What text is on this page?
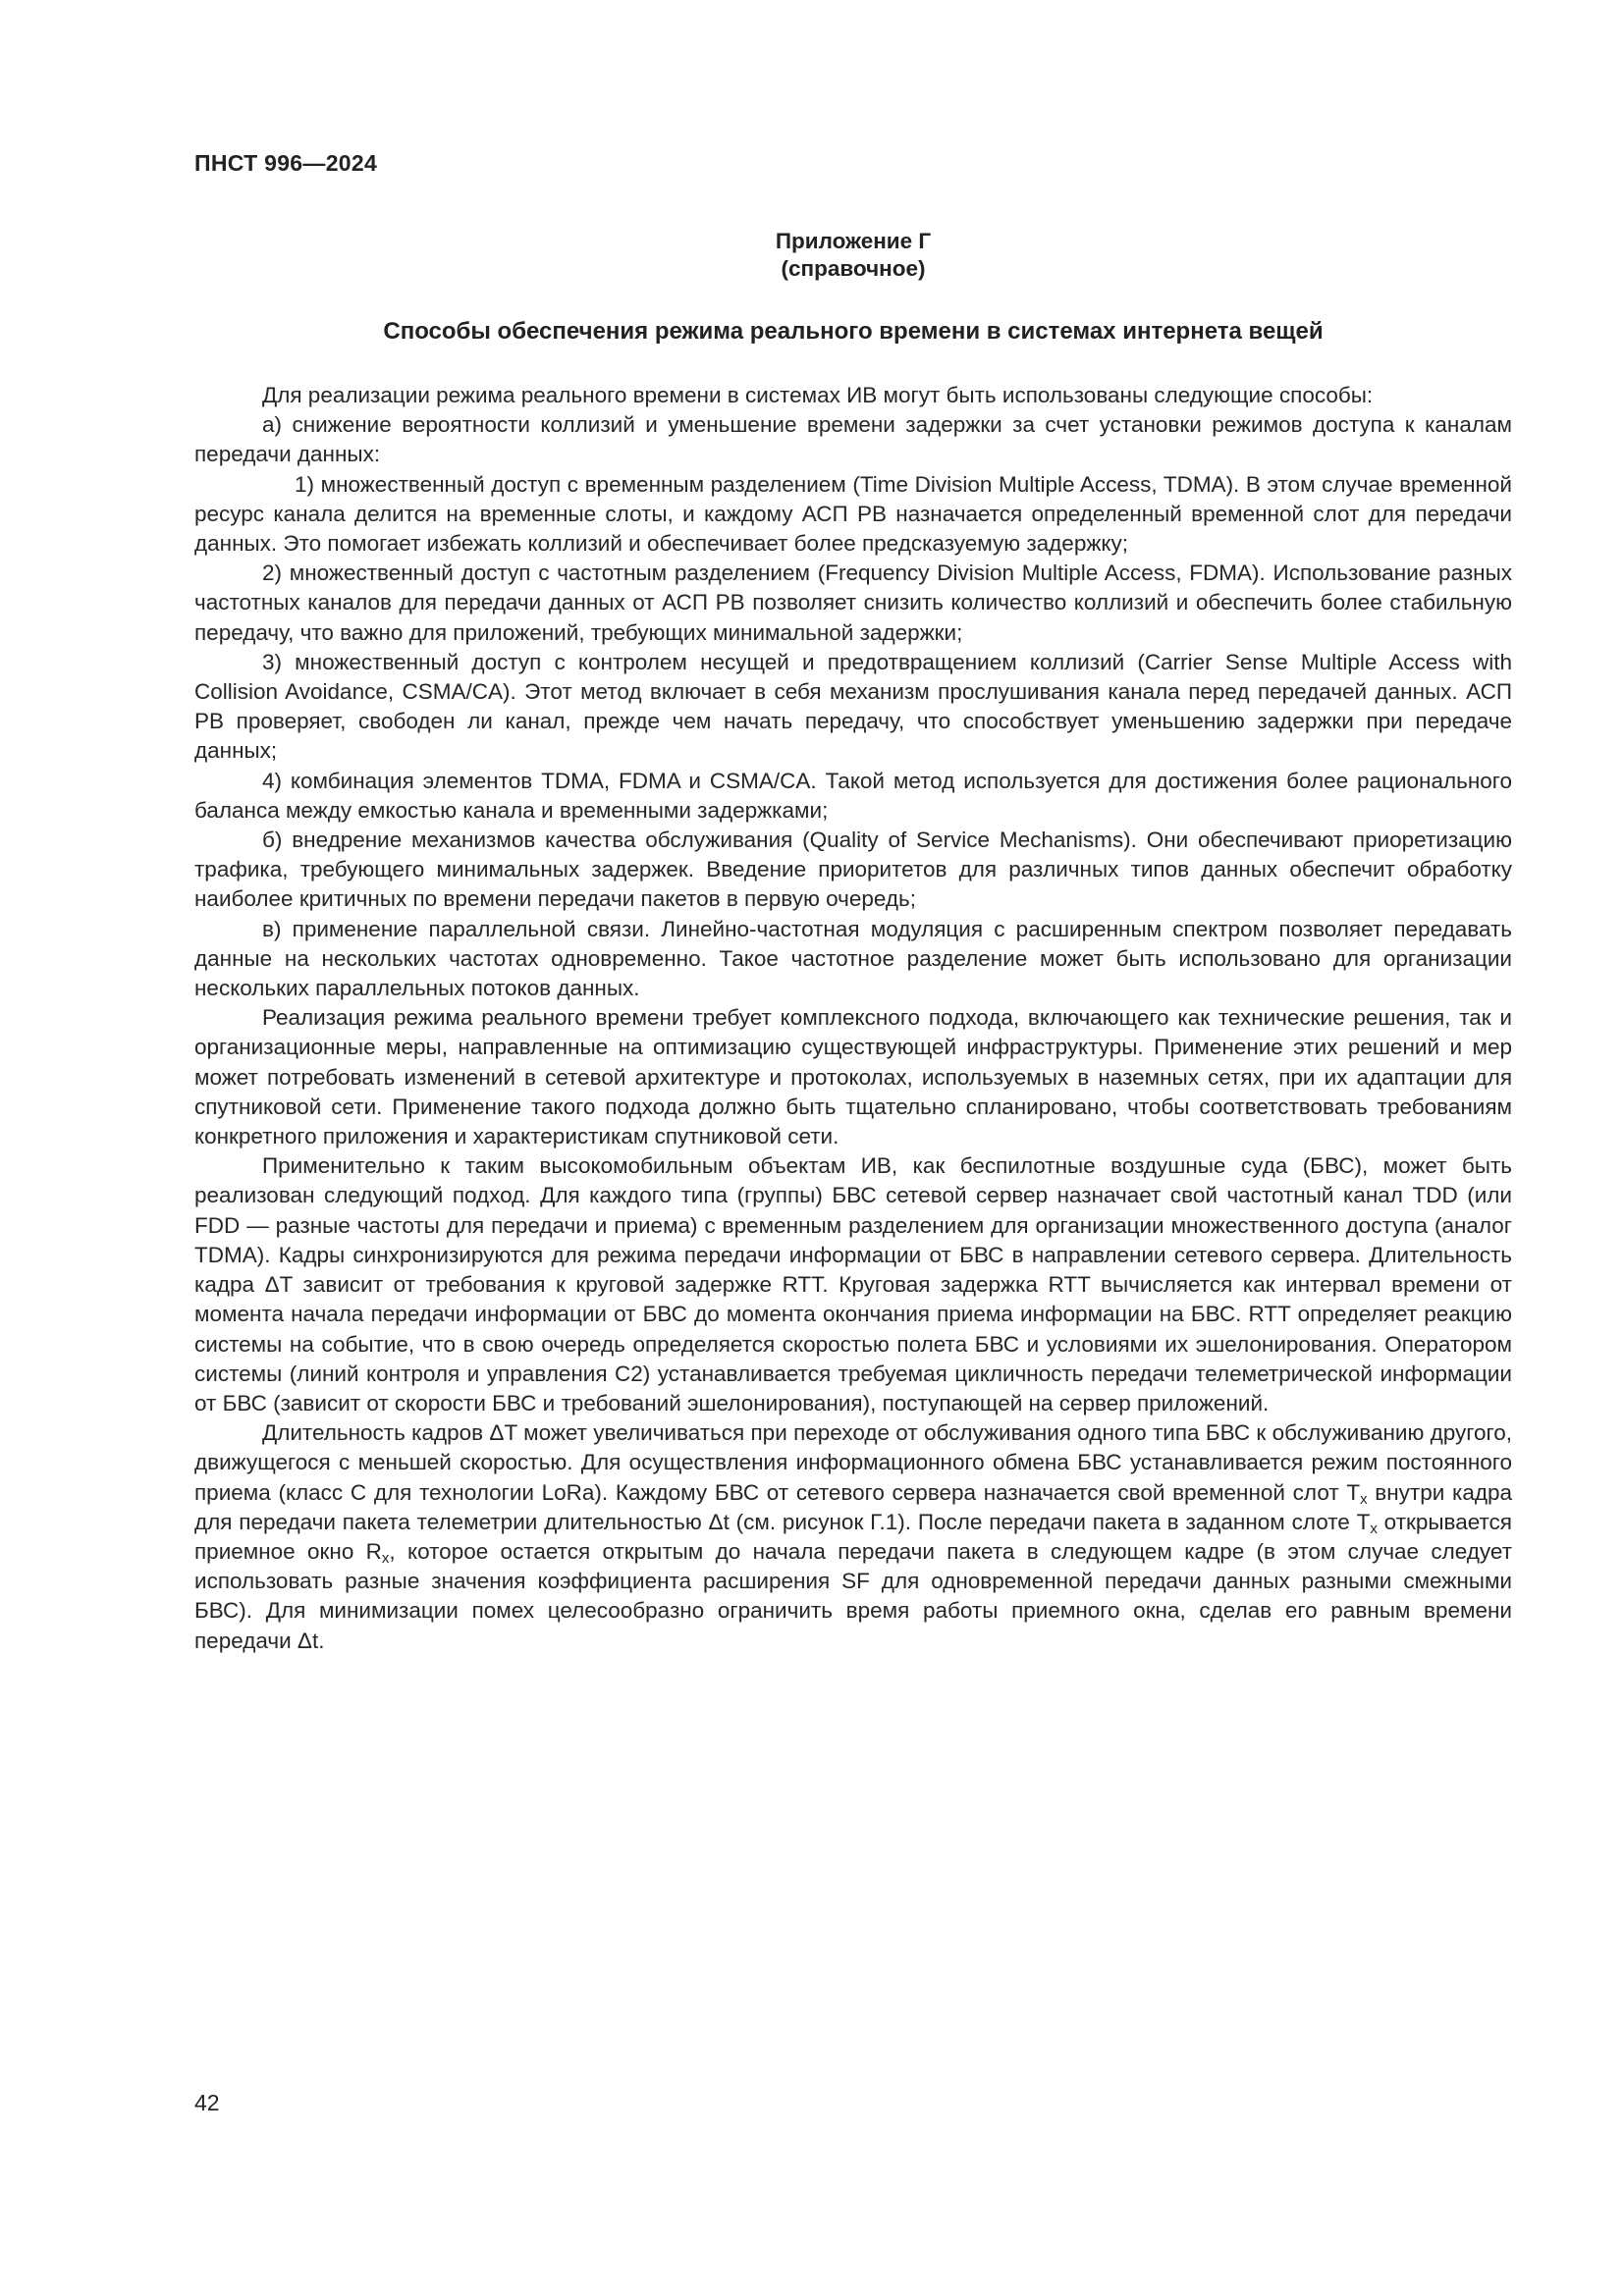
ПНСТ 996—2024
Приложение Г
(справочное)
Способы обеспечения режима реального времени в системах интернета вещей

Для реализации режима реального времени в системах ИВ могут быть использованы следующие способы:

а) снижение вероятности коллизий и уменьшение времени задержки за счет установки режимов доступа к каналам передачи данных:

1) множественный доступ с временным разделением (Time Division Multiple Access, TDMA). В этом случае временной ресурс канала делится на временные слоты, и каждому АСП РВ назначается определенный временной слот для передачи данных. Это помогает избежать коллизий и обеспечивает более предсказуемую задержку;

2) множественный доступ с частотным разделением (Frequency Division Multiple Access, FDMA). Использование разных частотных каналов для передачи данных от АСП РВ позволяет снизить количество коллизий и обеспечить более стабильную передачу, что важно для приложений, требующих минимальной задержки;

3) множественный доступ с контролем несущей и предотвращением коллизий (Carrier Sense Multiple Access with Collision Avoidance, CSMA/CA). Этот метод включает в себя механизм прослушивания канала перед передачей данных. АСП РВ проверяет, свободен ли канал, прежде чем начать передачу, что способствует уменьшению задержки при передаче данных;

4) комбинация элементов TDMA, FDMA и CSMA/CA. Такой метод используется для достижения более рационального баланса между емкостью канала и временными задержками;

б) внедрение механизмов качества обслуживания (Quality of Service Mechanisms). Они обеспечивают приоретизацию трафика, требующего минимальных задержек. Введение приоритетов для различных типов данных обеспечит обработку наиболее критичных по времени передачи пакетов в первую очередь;

в) применение параллельной связи. Линейно-частотная модуляция с расширенным спектром позволяет передавать данные на нескольких частотах одновременно. Такое частотное разделение может быть использовано для организации нескольких параллельных потоков данных.

Реализация режима реального времени требует комплексного подхода, включающего как технические решения, так и организационные меры, направленные на оптимизацию существующей инфраструктуры. Применение этих решений и мер может потребовать изменений в сетевой архитектуре и протоколах, используемых в наземных сетях, при их адаптации для спутниковой сети. Применение такого подхода должно быть тщательно спланировано, чтобы соответствовать требованиям конкретного приложения и характеристикам спутниковой сети.

Применительно к таким высокомобильным объектам ИВ, как беспилотные воздушные суда (БВС), может быть реализован следующий подход. Для каждого типа (группы) БВС сетевой сервер назначает свой частотный канал TDD (или FDD — разные частоты для передачи и приема) с временным разделением для организации множественного доступа (аналог TDMA). Кадры синхронизируются для режима передачи информации от БВС в направлении сетевого сервера. Длительность кадра ΔT зависит от требования к круговой задержке RTT. Круговая задержка RTT вычисляется как интервал времени от момента начала передачи информации от БВС до момента окончания приема информации на БВС. RTT определяет реакцию системы на событие, что в свою очередь определяется скоростью полета БВС и условиями их эшелонирования. Оператором системы (линий контроля и управления С2) устанавливается требуемая цикличность передачи телеметрической информации от БВС (зависит от скорости БВС и требований эшелонирования), поступающей на сервер приложений.

Длительность кадров ΔT может увеличиваться при переходе от обслуживания одного типа БВС к обслуживанию другого, движущегося с меньшей скоростью. Для осуществления информационного обмена БВС устанавливается режим постоянного приема (класс С для технологии LoRa). Каждому БВС от сетевого сервера назначается свой временной слот $T_x$ внутри кадра для передачи пакета телеметрии длительностью Δt (см. рисунок Г.1). После передачи пакета в заданном слоте $T_x$ открывается приемное окно $R_x$, которое остается открытым до начала передачи пакета в следующем кадре (в этом случае следует использовать разные значения коэффициента расширения SF для одновременной передачи данных разными смежными БВС). Для минимизации помех целесообразно ограничить время работы приемного окна, сделав его равным времени передачи Δt.

42
